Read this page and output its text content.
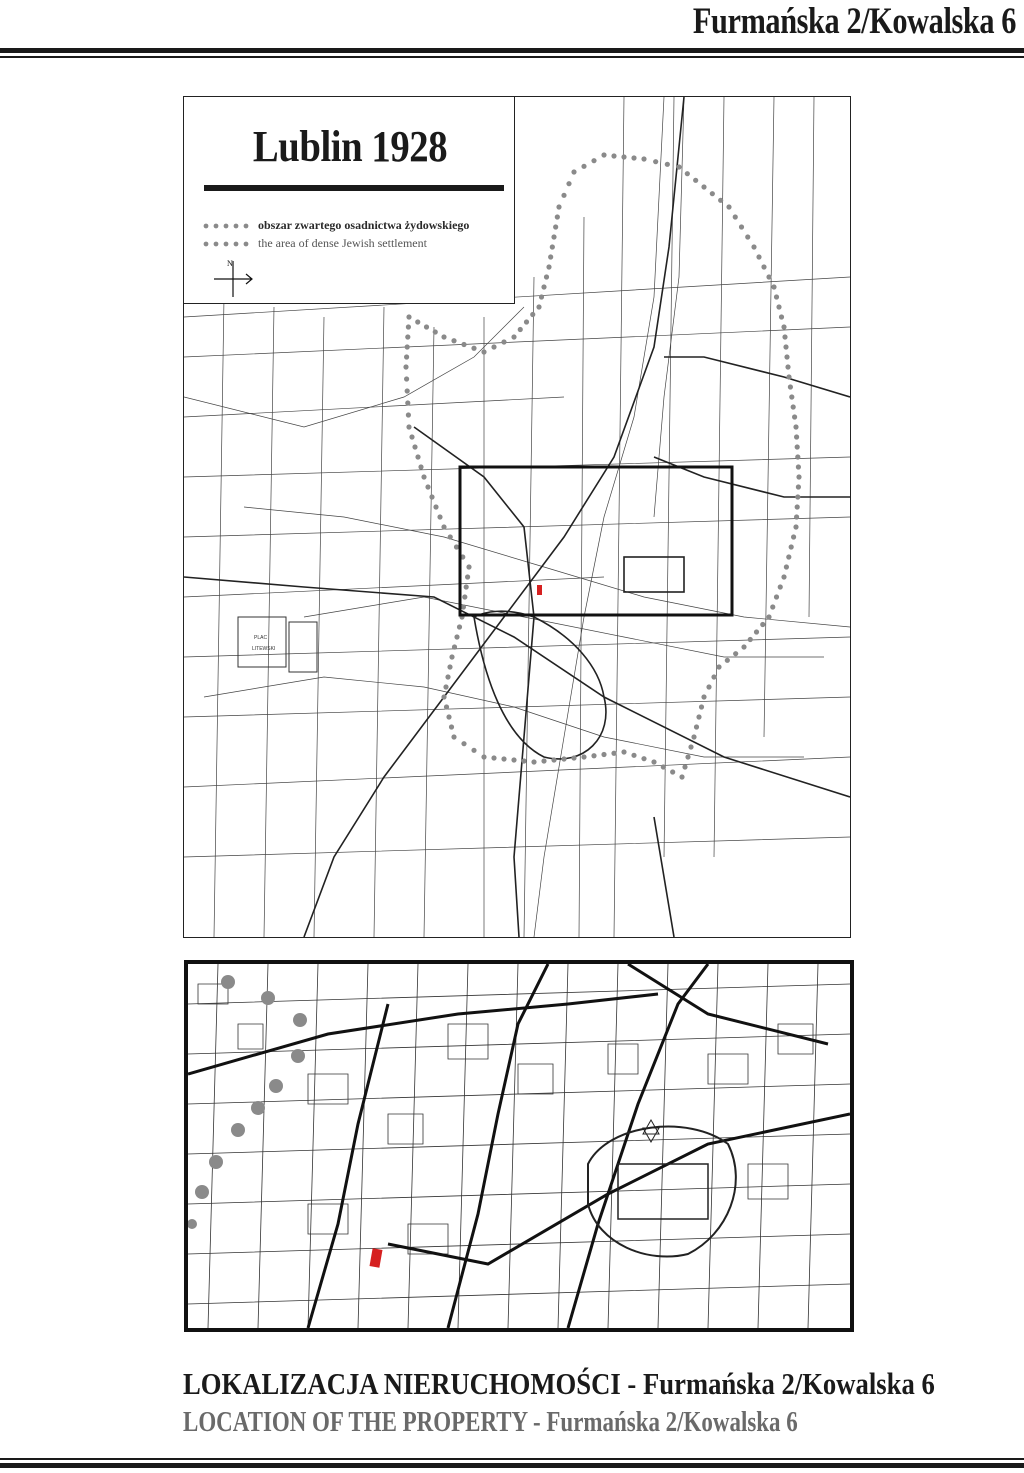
Furmańska 2/Kowalska 6
PLAC
LITEWSKI
Lublin 1928
obszar zwartego osadnictwa żydowskiego
the area of dense Jewish settlement
N
LOKALIZACJA NIERUCHOMOŚCI - Furmańska 2/Kowalska 6
LOCATION OF THE PROPERTY - Furmańska 2/Kowalska 6
